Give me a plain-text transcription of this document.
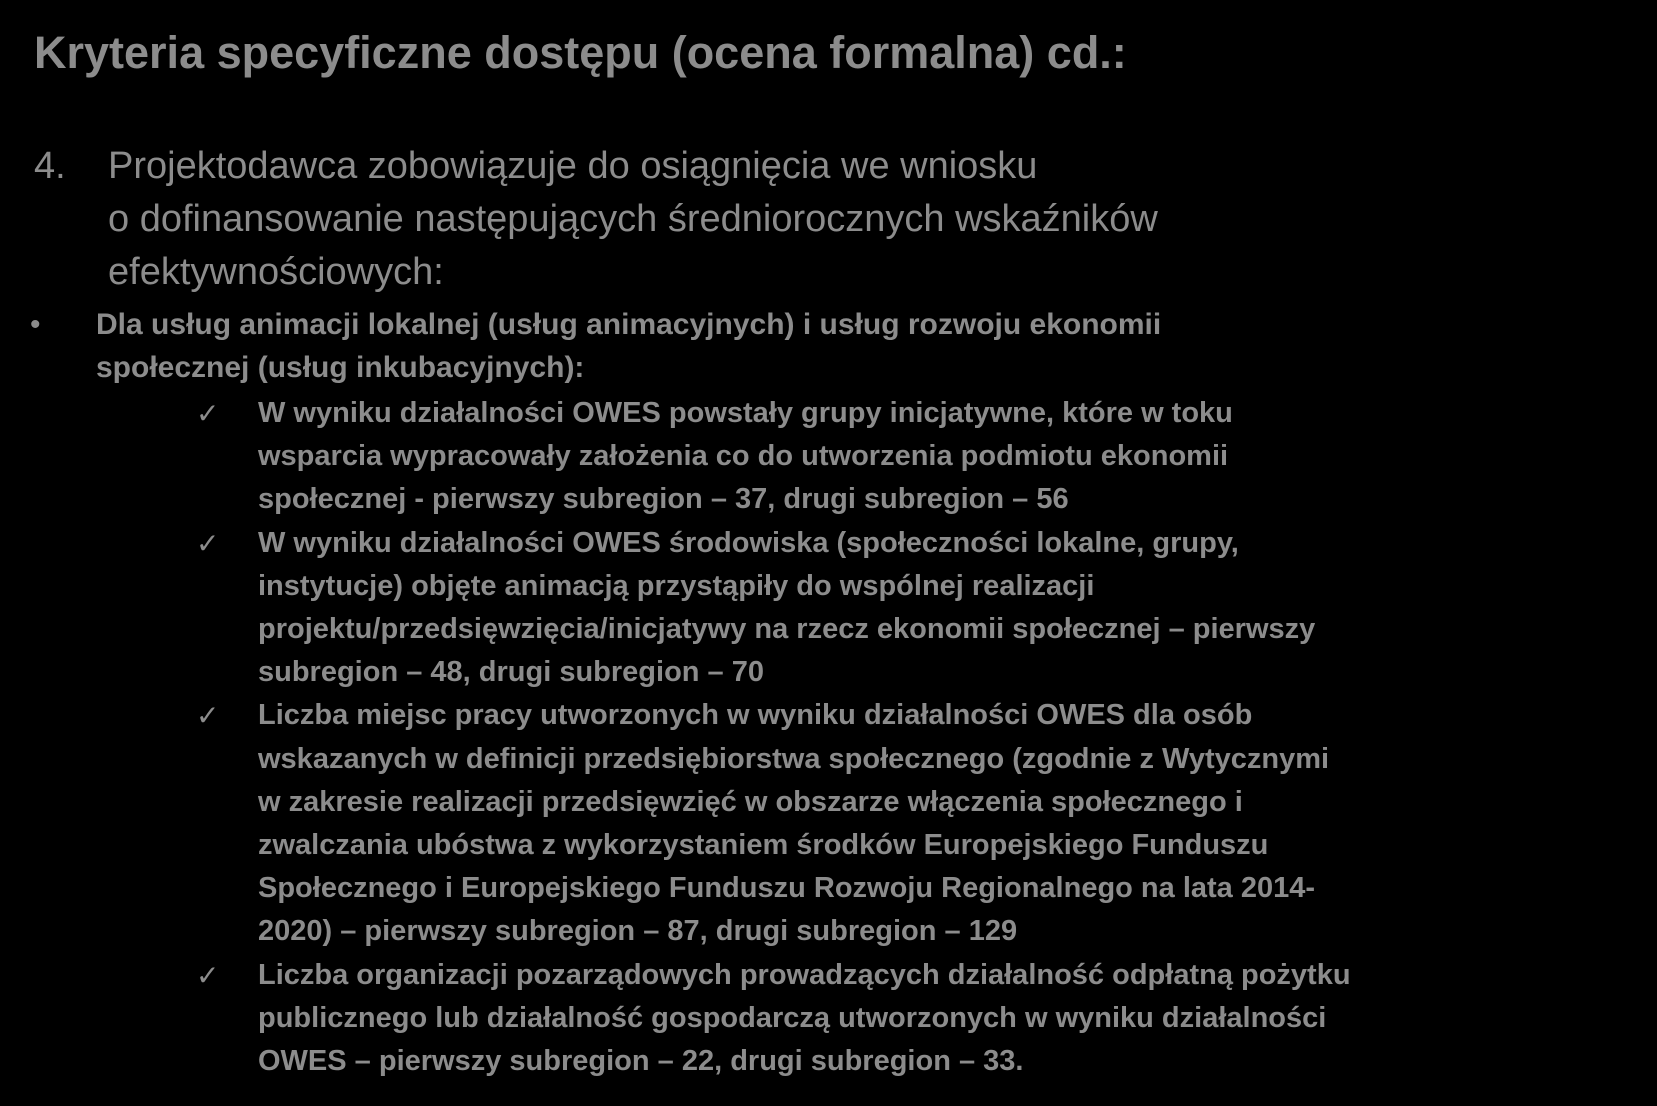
Kryteria specyficzne dostępu (ocena formalna) cd.:
4. Projektodawca zobowiązuje do osiągnięcia we wniosku
o dofinansowanie następujących średniorocznych wskaźników
efektywnościowych:
• Dla usług animacji lokalnej (usług animacyjnych) i usług rozwoju ekonomii
społecznej (usług inkubacyjnych):
✓ W wyniku działalności OWES powstały grupy inicjatywne, które w toku
wsparcia wypracowały założenia co do utworzenia podmiotu ekonomii
społecznej - pierwszy subregion – 37, drugi subregion – 56
✓ W wyniku działalności OWES środowiska (społeczności lokalne, grupy,
instytucje) objęte animacją przystąpiły do wspólnej realizacji
projektu/przedsięwzięcia/inicjatywy na rzecz ekonomii społecznej – pierwszy
subregion – 48, drugi subregion – 70
✓ Liczba miejsc pracy utworzonych w wyniku działalności OWES dla osób
wskazanych w definicji przedsiębiorstwa społecznego (zgodnie z Wytycznymi
w zakresie realizacji przedsięwzięć w obszarze włączenia społecznego i
zwalczania ubóstwa z wykorzystaniem środków Europejskiego Funduszu
Społecznego i Europejskiego Funduszu Rozwoju Regionalnego na lata 2014-
2020) – pierwszy subregion – 87, drugi subregion – 129
✓ Liczba organizacji pozarządowych prowadzących działalność odpłatną pożytku
publicznego lub działalność gospodarczą utworzonych w wyniku działalności
OWES – pierwszy subregion – 22, drugi subregion – 33.
